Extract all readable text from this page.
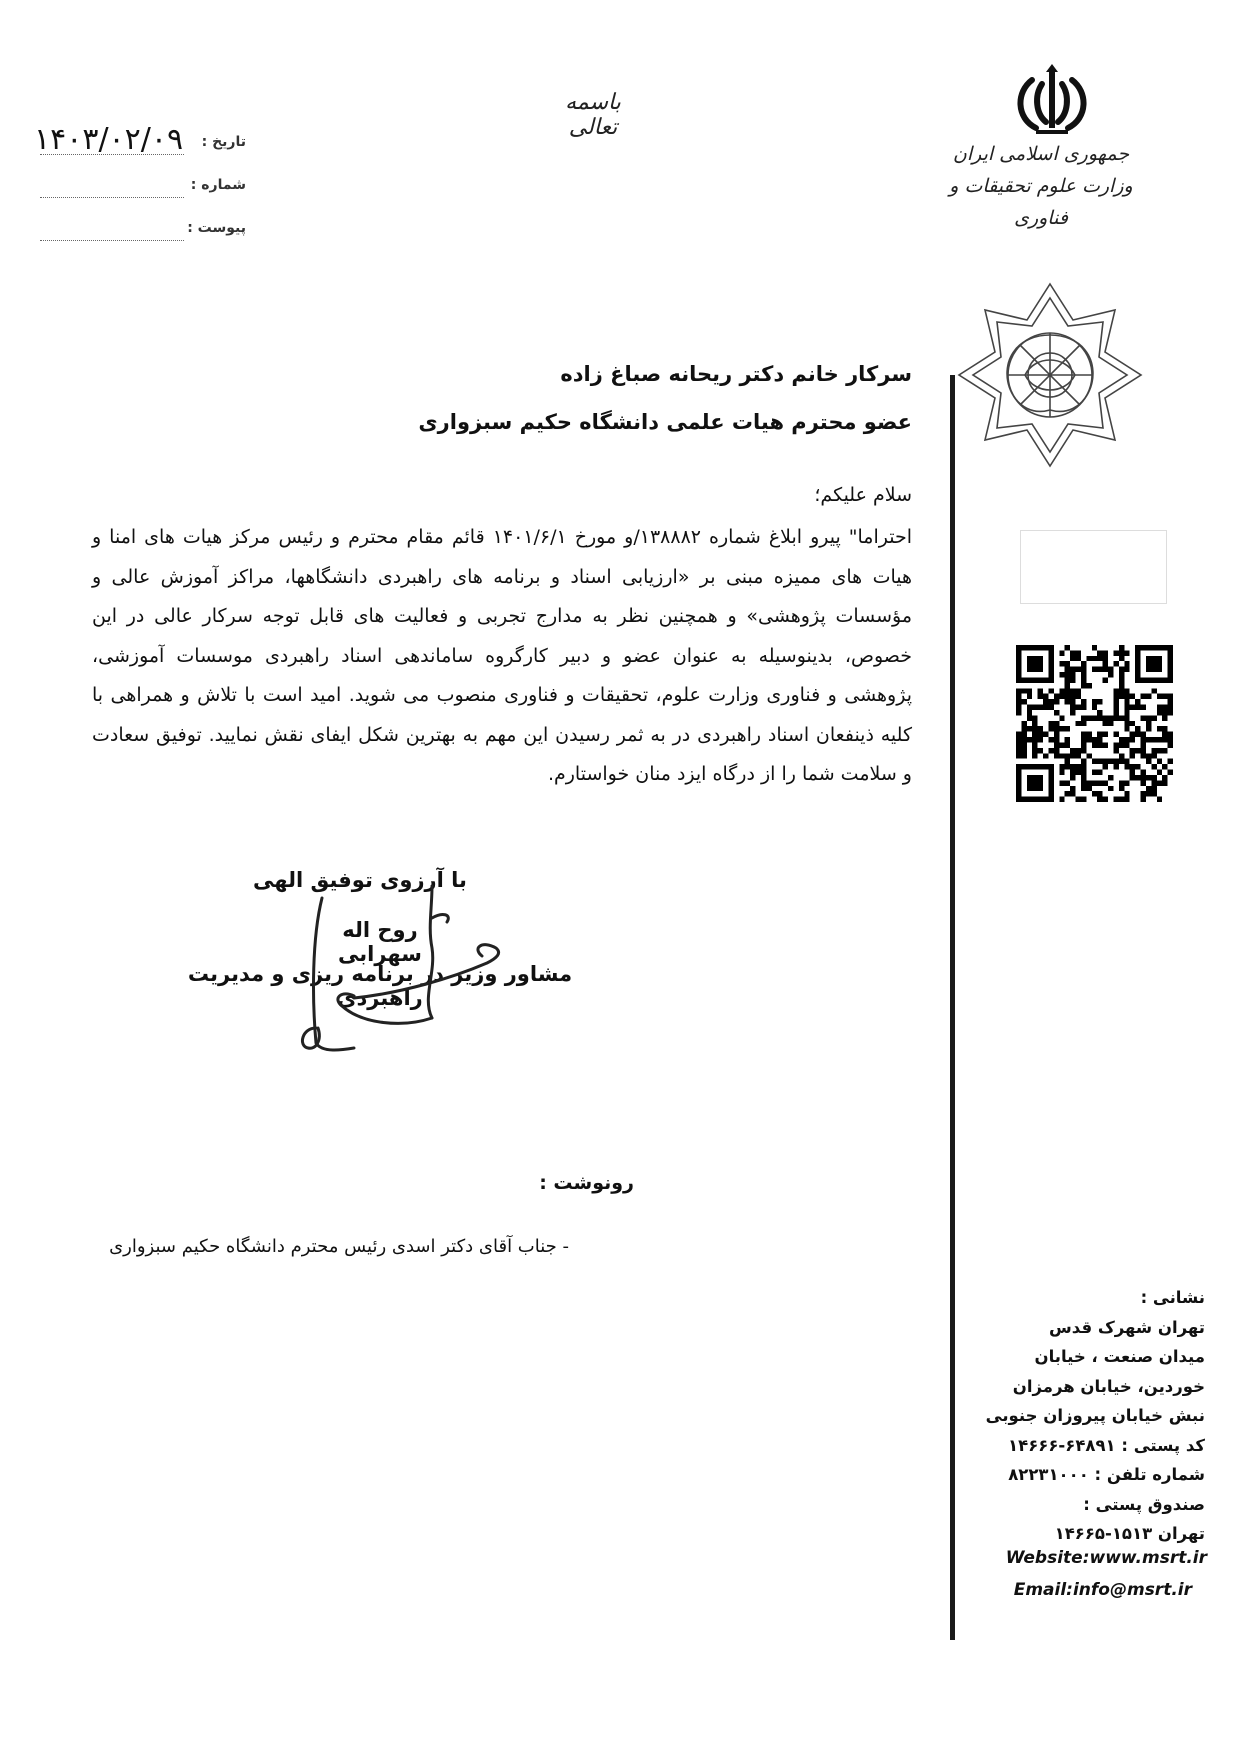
باسمه تعالی
جمهوری اسلامی ایران
وزارت علوم تحقیقات و فناوری
تاریخ :
۱۴۰۳/۰۲/۰۹
شماره :
پیوست :
سرکار خانم دکتر ریحانه صباغ زاده
عضو محترم هیات علمی دانشگاه حکیم سبزواری
سلام علیکم؛
احتراما" پیرو ابلاغ شماره ۱۳۸۸۸۲/و مورخ ۱۴۰۱/۶/۱ قائم مقام محترم و رئیس مرکز هیات های امنا و هیات های ممیزه مبنی بر «ارزیابی اسناد و برنامه های راهبردی دانشگاهها، مراکز آموزش عالی و مؤسسات پژوهشی» و همچنین نظر به مدارج تجربی و فعالیت های قابل توجه سرکار عالی در این خصوص، بدینوسیله به عنوان عضو و دبیر کارگروه ساماندهی اسناد راهبردی موسسات آموزشی، پژوهشی و فناوری وزارت علوم، تحقیقات و فناوری منصوب می شوید. امید است با تلاش و همراهی با کلیه ذینفعان اسناد راهبردی در به ثمر رسیدن این مهم به بهترین شکل ایفای نقش نمایید. توفیق سعادت و سلامت شما را از درگاه ایزد منان خواستارم.
با آرزوی توفیق الهی
روح اله سهرابی
مشاور وزیر در برنامه ریزی و مدیریت راهبردی
رونوشت :
- جناب آقای دکتر اسدی رئیس محترم دانشگاه حکیم سبزواری
نشانی :
تهران شهرک قدس
میدان صنعت ، خیابان
خوردین، خیابان هرمزان
نبش خیابان پیروزان جنوبی
کد پستی : ۶۴۸۹۱-۱۴۶۶۶
شماره تلفن : ۸۲۲۳۱۰۰۰
صندوق پستی :
تهران ۱۵۱۳-۱۴۶۶۵
Website:www.msrt.ir
Email:info@msrt.ir
